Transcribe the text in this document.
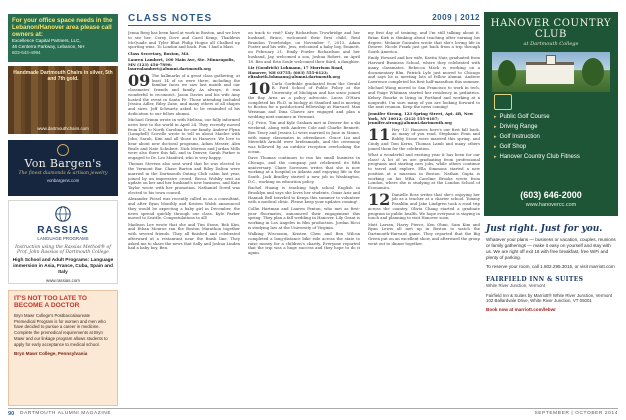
For your office space needs in the Lebanon/Hanover area please call owners at:
Excellence Capital Partners, LLC,
46 Centerra Parkway, Lebanon, NH
603-643-4994
Handmade Dartmouth Chairs in silver, 5th and 7th gold.
www.dartmouthchairs.com
Von Bargen's
The finest diamonds & artisan jewelry
vonbargens.com
RASSIAS
LANGUAGE PROGRAMS
Instruction using the Rassias Method® of Prof. John Rassias of Dartmouth College
High School and Adult Programs: Language immersion in Asia, France, Cuba, Spain and Italy
www.rassias.com
IT'S NOT TOO LATE TO BECOME A DOCTOR
Bryn Mawr College's Postbaccalaureate Premedical Program is for women and men who have decided to pursue a career in medicine. Complete the premedical requirements at Bryn Mawr and our linkage program allows students to apply for early acceptance to medical school.
Bryn Mawr College, Pennsylvania
CLASS NOTES	2009 | 2012

Jenna Berg has been hard at work in Boston, and we love to see her. Corey Dove and Carol Kemp, Thaddeus McQuade and Tyler Bhat Philip Hogue all Chalked up sporting wins. To London and back. Fun. I had a blast.

Class Secretary, Boston, MA

Lauren Lambert, 100 Main Ave, Ste. Minneapolis, MN (123) 456-7890; laurenlambert@alumni.dartmouth.org

09 The hallmarks of a great class gathering; at least 14 of us were there, including the familiar faces we saw last month and our classmates' friends and family. As always, it was wonderful to reconnect. Jason Davies and his wife Amy hosted the event in Santa Fe. Those attending included Jessica Adler, Riley Zane, and many others of all shapes and sizes. Jeff Schwartz asked to be reminded of his dedication to our fellow alumni.

Michael Grimm wrote in with Melissa, our fully informed news best to the world in April 24. They recently moved from D.C. to North Carolina for one family. Andrew Flynn (Lampbell) Scoville wrote to tell us about Maelee with John, Sarah, Kim and all those in Hanover. We love to hear about new doctoral programs, Adam Messer, Alex Beale and Nate Schubert. Nick Moreno and Jordan Mills were also there this fall, and in Denver, Sarah Parker is engaged to Dr. Leo Manford, who is very happy.

Thomas Stevens also sent word that he was elected to the Vermont Bar. Chase Burton and Riley Dalton were married in the Dartmouth Outing Club cabin last year, joined by an impressive crowd. Becca Wolsky sent an update on her and her husband's new business, and Kate Taylor wrote with her promotion. Nathaniel Dowd was elected to his town council.

Alexander Fiesel was recently called in as a consultant, and after Ryan Monthly and Kristen Walsh announced they would be expecting a baby girl in December, the news spread quickly through our class. Kyle Parker moved to Seattle. Congratulations to all!

Madison Lee wrote that she and Tim Stone, Bob Kim, and Ethan Monroe ran the Boston Marathon together with several friends. They all finished and celebrated afterward at a restaurant near the finish line. They asked me to share the news that Sally and Joshua Linden had a baby boy, Ben.

on track to visit? Katy Richardson Trowbridge and her husband, Bruce, welcomed their first child, Reid Brandon Trowbridge, on November 7, 2013. Adam Foster and his wife, Jess, welcomed a baby boy, Emmett, on February 21. Emily Fowler Richardson and her husband, Jay, welcomed a son, Joshua Robert, on April 18. Ben and Erin Soule welcomed their third, a daughter.

Liz (Goodrich) Lohmann, 17 Morrison Road, Hanover, NH 03755; (603) 555-0123; elizabeth.lohmann@alumni.dartmouth.org

10 Carla Gorfinkle graduated from the Gerald R. Ford School of Public Policy at the University of Michigan and has since joined the Bay Area as a policy advocate. Lucas O'Hara completed his Ph.D. in biology at Stanford and is moving to Boston for a postdoctoral fellowship at Harvard. Max Weisman and Dina Chavez are engaged and plan a wedding next summer in Vermont.

C.J. Price, Tim and Kyle Graham met in Denver for a ski weekend, along with Andrew Cole and Charlie Bennett. Ben Tracy and Jessica Li were married in June in Maine, with many classmates in attendance. Grace Liu and Meredith Arnold were bridesmaids, and the ceremony was followed by an outdoor reception overlooking the ocean.

Dave Thomas continues to run his small business in Chicago, and the company just celebrated its fifth anniversary. Claire Sorensen writes that she is now working at a hospital in Atlanta and enjoying life in the South. Jack Bradley started a new job in Washington, D.C., working on education policy.

Rachel Huang is teaching high school English in Brooklyn and says she loves her students. Omar Aziz and Hannah Bell traveled to Kenya this summer to volunteer with a medical clinic. Please keep your updates coming!

Collin Hartman and Lauren Fenton, who met as first-year floormates, announced their engagement this spring. They plan a fall wedding in Hanover. Lily Grant is working in Los Angeles in film production. Jordan Ricci is studying law at the University of Virginia.

Walking Wisconsin, Kristen Chen and Ben Wilcox completed a long-distance bike ride across the state to raise money for a children's charity. Everyone reported that the trip was a huge success and they hope to do it again.

my first day of training, and I'm still talking about it. Brian Kirk is thinking about teaching after earning his degree. Melanie Gonzalez wrote that she's loving life in Denver. Nicole Frank just got back from a trip through South America.

Emily Howard and her wife, Kavita Nair, graduated from Harvard Business School, where they celebrated with many classmates. Rebecca Mack is working on a documentary film. Patrick Lyle just moved to Chicago and says he is meeting lots of fellow alumni. Andrew Lawrence completed his first half-marathon this summer.

Michael Wang moved to San Francisco to work in tech, and Paige Whitman started her residency in pediatrics. Kelsey Rourke is living in Portland and working at a nonprofit. I'm sure many of you are looking forward to the next reunion. Keep the news coming!

Jennifer Strong, 123 Spring Street, Apt. 4B, New York, NY 10012; (212) 555-0187; jennifer.strong@alumni.dartmouth.org

11 Hey '12! Hanover, here's our first fall back. As many of you read, Stephanie Fenn and Bobby Stone were married this spring, and Cindy and Tom Kerns, Thomas Lamb and many others joined them for the celebration.

What a wonderful and exciting year it has been for our class! A lot of us are graduating from professional programs and starting new jobs, while others continue to travel and explore. Ella Simmons started a new position at a museum in Boston. Nathan Gupta is working on his MBA. Caroline Brooks wrote from London, where she is studying at the London School of Economics.

12 Danielle Ross writes that she's enjoying her job as a teacher at a charter school. Tommy Franklin and Jake Lindgren took a road trip across the country. Olivia Chang started a graduate program in public health. We hope everyone is staying in touch and planning to visit Hanover soon.

Matt Larsen, Harry Pierce, Ken Ohmi, Sam Kim and Ryan Lewis all met up in Boston to watch the Dartmouth-Harvard game. They reported that the Big Green put on an excellent show, and afterward the group went out to dinner together.

HANOVER COUNTRY CLUB
at Dartmouth College
▸ Public Golf Course
▸ Driving Range
▸ Golf Instruction
▸ Golf Shop
▸ Hanover Country Club Fitness
(603) 646-2000
www.hanovercc.com
Just right. Just for you.
Whatever your plans — business or vacation, couples, reunions or family gatherings — make it easy on yourself and stay with us. We are right off exit 18 with free breakfast, free WiFi and plenty of parking.
To reserve your room, call 1.802.295.3015, or visit marriott.com
FAIRFIELD INN & SUITES
White River Junction, Vermont
Fairfield Inn & Suites by Marriott® White River Junction, Vermont 102 Ballardvale Drive, White River Junction, VT 05001
Book now at marriott.com/lebwr
90 DARTMOUTH ALUMNI MAGAZINE	SEPTEMBER | OCTOBER 2014
